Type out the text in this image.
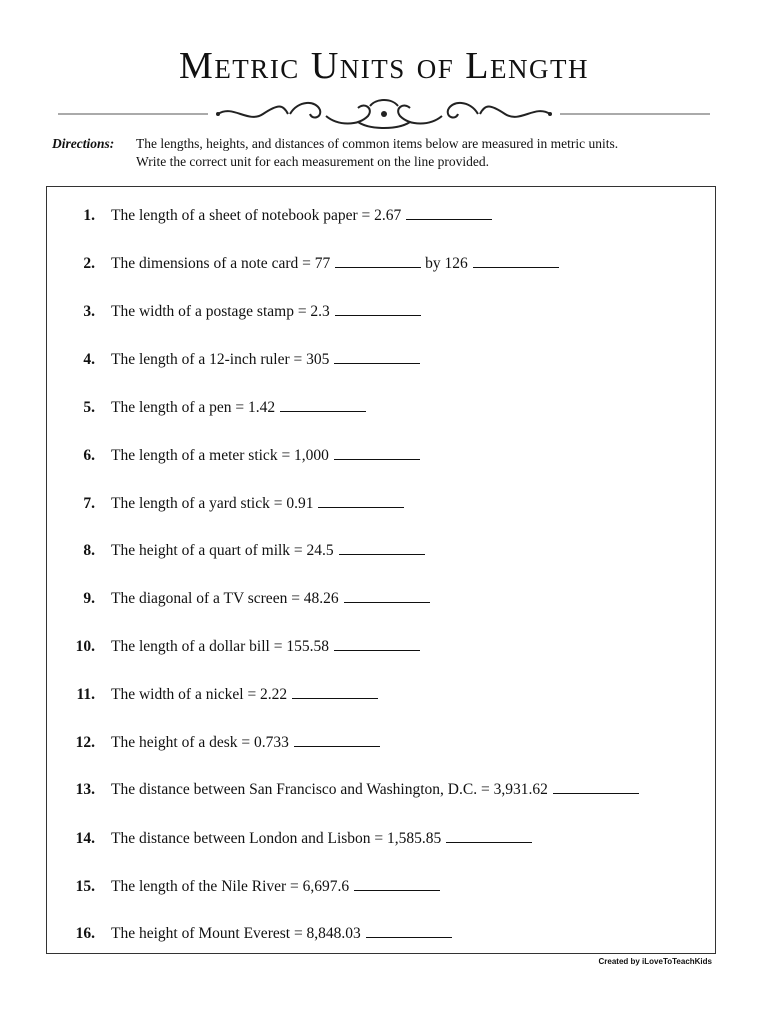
Metric Units of Length
Directions: The lengths, heights, and distances of common items below are measured in metric units.
Write the correct unit for each measurement on the line provided.
1. The length of a sheet of notebook paper = 2.67
2. The dimensions of a note card = 77	by 126
3. The width of a postage stamp = 2.3
4. The length of a 12-inch ruler = 305
5. The length of a pen = 1.42
6. The length of a meter stick = 1,000
7. The length of a yard stick = 0.91
8. The height of a quart of milk = 24.5
9. The diagonal of a TV screen = 48.26
10. The length of a dollar bill = 155.58
11. The width of a nickel = 2.22
12. The height of a desk = 0.733
13. The distance between San Francisco and Washington, D.C. = 3,931.62
14. The distance between London and Lisbon = 1,585.85
15. The length of the Nile River = 6,697.6
16. The height of Mount Everest = 8,848.03
Created by iLoveToTeachKids
